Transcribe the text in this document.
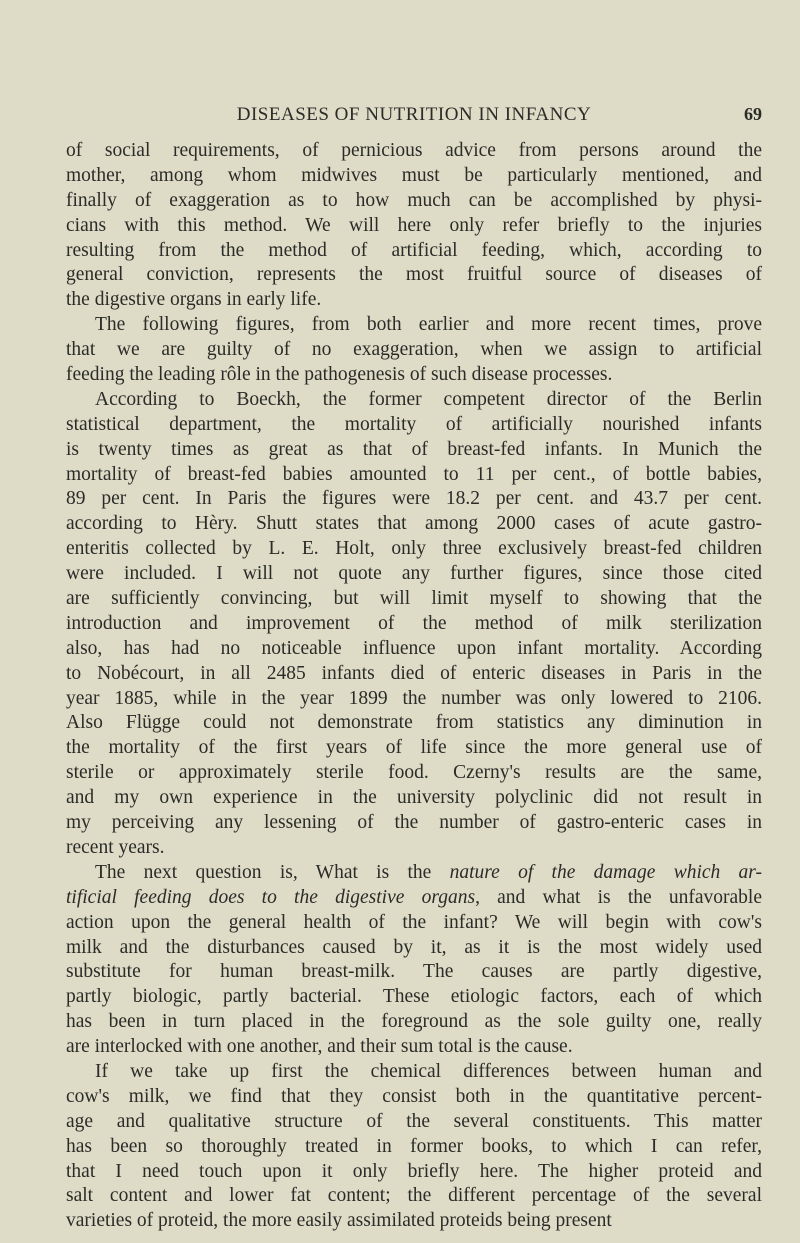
DISEASES OF NUTRITION IN INFANCY	69
of social requirements, of pernicious advice from persons around the
mother, among whom midwives must be particularly mentioned, and
finally of exaggeration as to how much can be accomplished by physi-
cians with this method. We will here only refer briefly to the injuries
resulting from the method of artificial feeding, which, according to
general conviction, represents the most fruitful source of diseases of
the digestive organs in early life.
The following figures, from both earlier and more recent times, prove
that we are guilty of no exaggeration, when we assign to artificial
feeding the leading rôle in the pathogenesis of such disease processes.
According to Boeckh, the former competent director of the Berlin
statistical department, the mortality of artificially nourished infants
is twenty times as great as that of breast-fed infants. In Munich the
mortality of breast-fed babies amounted to 11 per cent., of bottle babies,
89 per cent. In Paris the figures were 18.2 per cent. and 43.7 per cent.
according to Hèry. Shutt states that among 2000 cases of acute gastro-
enteritis collected by L. E. Holt, only three exclusively breast-fed children
were included. I will not quote any further figures, since those cited
are sufficiently convincing, but will limit myself to showing that the
introduction and improvement of the method of milk sterilization
also, has had no noticeable influence upon infant mortality. According
to Nobécourt, in all 2485 infants died of enteric diseases in Paris in the
year 1885, while in the year 1899 the number was only lowered to 2106.
Also Flügge could not demonstrate from statistics any diminution in
the mortality of the first years of life since the more general use of
sterile or approximately sterile food. Czerny's results are the same,
and my own experience in the university polyclinic did not result in
my perceiving any lessening of the number of gastro-enteric cases in
recent years.
The next question is, What is the nature of the damage which ar-
tificial feeding does to the digestive organs, and what is the unfavorable
action upon the general health of the infant? We will begin with cow's
milk and the disturbances caused by it, as it is the most widely used
substitute for human breast-milk. The causes are partly digestive,
partly biologic, partly bacterial. These etiologic factors, each of which
has been in turn placed in the foreground as the sole guilty one, really
are interlocked with one another, and their sum total is the cause.
If we take up first the chemical differences between human and
cow's milk, we find that they consist both in the quantitative percent-
age and qualitative structure of the several constituents. This matter
has been so thoroughly treated in former books, to which I can refer,
that I need touch upon it only briefly here. The higher proteid and
salt content and lower fat content; the different percentage of the several
varieties of proteid, the more easily assimilated proteids being present
